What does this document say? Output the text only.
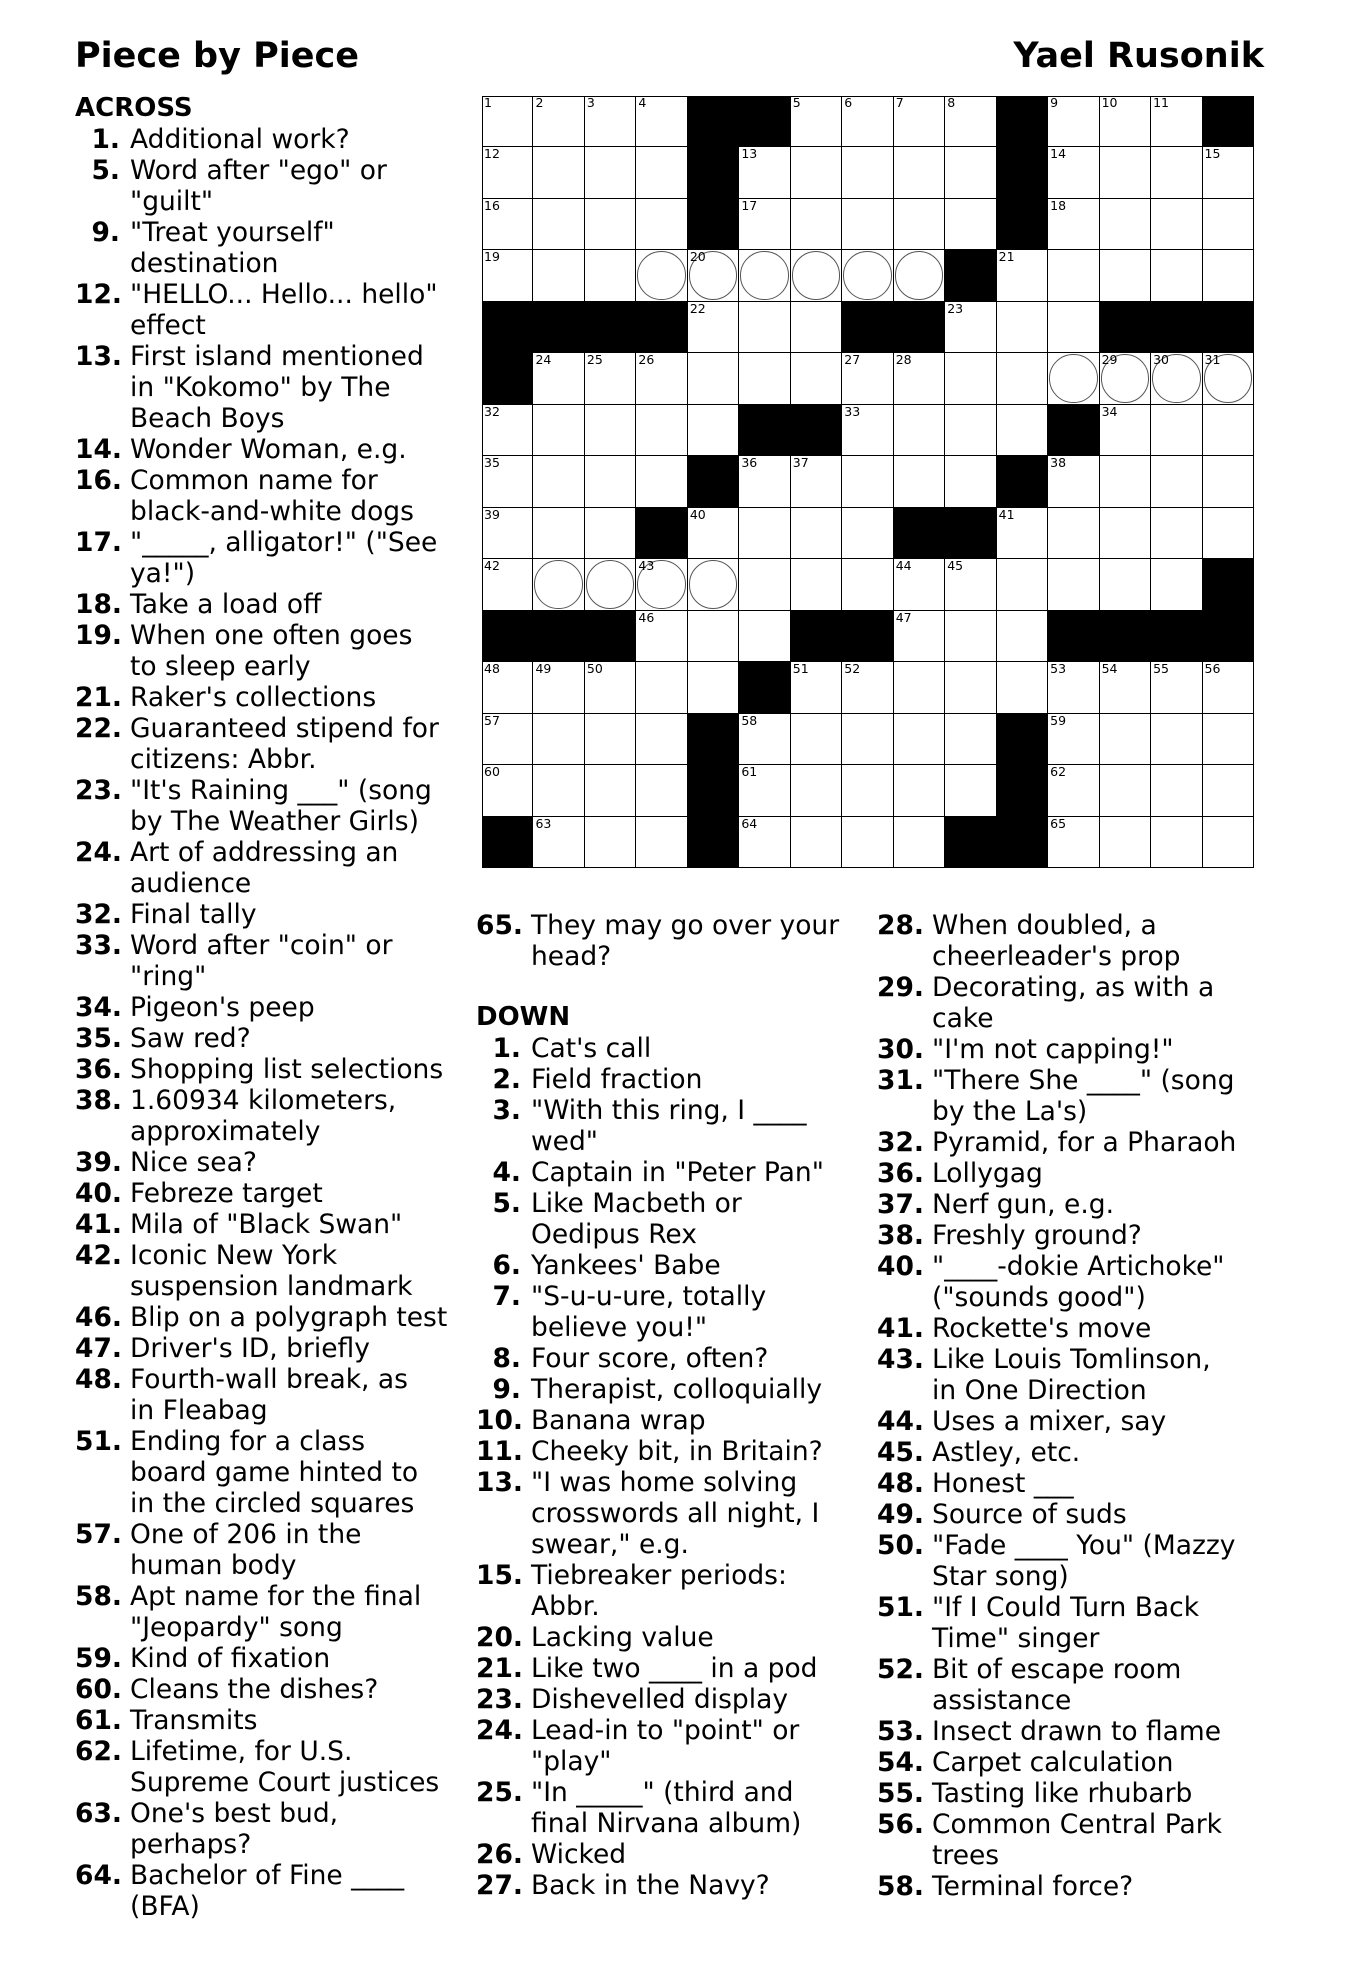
Piece by Piece	Yael Rusonik
1	2	3	4	5	6	7	8	9	10	11
12	13	14	15
16	17	18
19	20	21
22	23
24	25	26	27	28	29	30	31
32	33	34
35	36	37	38
39	40	41
42	43	44	45
46	47
48	49	50	51	52	53	54	55	56
57	58	59
60	61	62
63	64	65
ACROSS
1. Additional work?
5. Word after "ego" or
"guilt"
9. "Treat yourself"
destination
12. "HELLO... Hello... hello"
effect
13. First island mentioned
in "Kokomo" by The
Beach Boys
14. Wonder Woman, e.g.
16. Common name for
black-and-white dogs
17. "_____, alligator!" ("See
ya!")
18. Take a load off
19. When one often goes
to sleep early
21. Raker's collections
22. Guaranteed stipend for
citizens: Abbr.
23. "It's Raining ___" (song
by The Weather Girls)
24. Art of addressing an
audience
32. Final tally
33. Word after "coin" or
"ring"
34. Pigeon's peep
35. Saw red?
36. Shopping list selections
38. 1.60934 kilometers,
approximately
39. Nice sea?
40. Febreze target
41. Mila of "Black Swan"
42. Iconic New York
suspension landmark
46. Blip on a polygraph test
47. Driver's ID, briefly
48. Fourth-wall break, as
in Fleabag
51. Ending for a class
board game hinted to
in the circled squares
57. One of 206 in the
human body
58. Apt name for the final
"Jeopardy" song
59. Kind of fixation
60. Cleans the dishes?
61. Transmits
62. Lifetime, for U.S.
Supreme Court justices
63. One's best bud,
perhaps?
64. Bachelor of Fine ____
(BFA)
65. They may go over your
head?
DOWN
1. Cat's call
2. Field fraction
3. "With this ring, I ____
wed"
4. Captain in "Peter Pan"
5. Like Macbeth or
Oedipus Rex
6. Yankees' Babe
7. "S-u-u-ure, totally
believe you!"
8. Four score, often?
9. Therapist, colloquially
10. Banana wrap
11. Cheeky bit, in Britain?
13. "I was home solving
crosswords all night, I
swear," e.g.
15. Tiebreaker periods:
Abbr.
20. Lacking value
21. Like two ____ in a pod
23. Dishevelled display
24. Lead-in to "point" or
"play"
25. "In _____" (third and
final Nirvana album)
26. Wicked
27. Back in the Navy?
28. When doubled, a
cheerleader's prop
29. Decorating, as with a
cake
30. "I'm not capping!"
31. "There She ____" (song
by the La's)
32. Pyramid, for a Pharaoh
36. Lollygag
37. Nerf gun, e.g.
38. Freshly ground?
40. "____-dokie Artichoke"
("sounds good")
41. Rockette's move
43. Like Louis Tomlinson,
in One Direction
44. Uses a mixer, say
45. Astley, etc.
48. Honest ___
49. Source of suds
50. "Fade ____ You" (Mazzy
Star song)
51. "If I Could Turn Back
Time" singer
52. Bit of escape room
assistance
53. Insect drawn to flame
54. Carpet calculation
55. Tasting like rhubarb
56. Common Central Park
trees
58. Terminal force?
